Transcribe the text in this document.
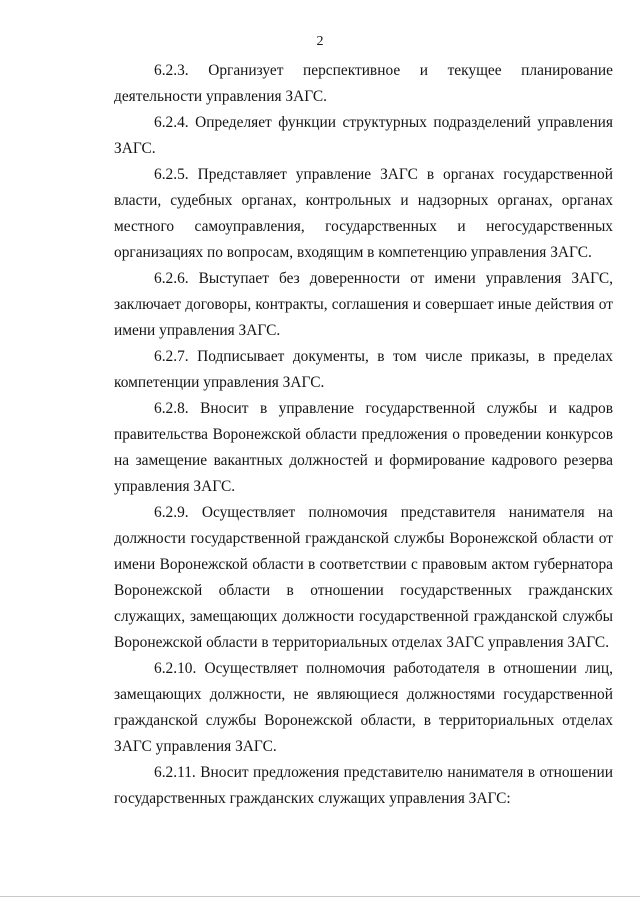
2
6.2.3. Организует перспективное и текущее планирование
деятельности управления ЗАГС.
6.2.4. Определяет функции структурных подразделений управления
ЗАГС.
6.2.5. Представляет управление ЗАГС в органах государственной
власти, судебных органах, контрольных и надзорных органах, органах
местного самоуправления, государственных и негосударственных
организациях по вопросам, входящим в компетенцию управления ЗАГС.
6.2.6. Выступает без доверенности от имени управления ЗАГС,
заключает договоры, контракты, соглашения и совершает иные действия от
имени управления ЗАГС.
6.2.7. Подписывает документы, в том числе приказы, в пределах
компетенции управления ЗАГС.
6.2.8. Вносит в управление государственной службы и кадров
правительства Воронежской области предложения о проведении конкурсов
на замещение вакантных должностей и формирование кадрового резерва
управления ЗАГС.
6.2.9. Осуществляет полномочия представителя нанимателя на
должности государственной гражданской службы Воронежской области от
имени Воронежской области в соответствии с правовым актом губернатора
Воронежской области в отношении государственных гражданских
служащих, замещающих должности государственной гражданской службы
Воронежской области в территориальных отделах ЗАГС управления ЗАГС.
6.2.10. Осуществляет полномочия работодателя в отношении лиц,
замещающих должности, не являющиеся должностями государственной
гражданской службы Воронежской области, в территориальных отделах
ЗАГС управления ЗАГС.
6.2.11. Вносит предложения представителю нанимателя в отношении
государственных гражданских служащих управления ЗАГС:
